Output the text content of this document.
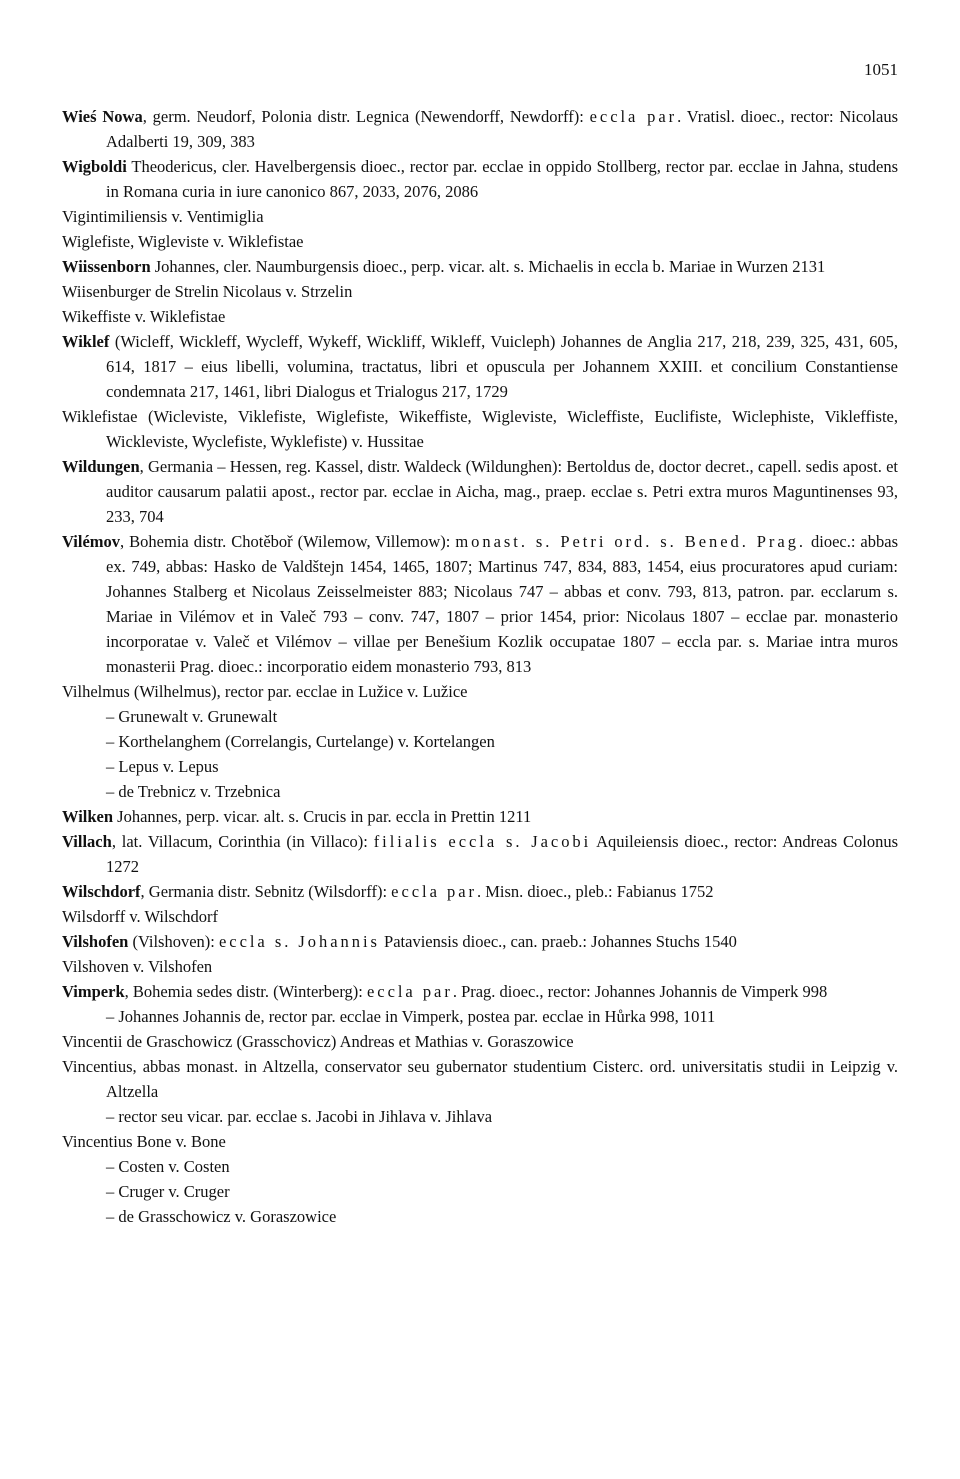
1051
Wieś Nowa, germ. Neudorf, Polonia distr. Legnica (Newendorff, Newdorff): eccla par. Vratisl. dioec., rector: Nicolaus Adalberti 19, 309, 383
Wigboldi Theodericus, cler. Havelbergensis dioec., rector par. ecclae in oppido Stollberg, rector par. ecclae in Jahna, studens in Romana curia in iure canonico 867, 2033, 2076, 2086
Vigintimiliensis v. Ventimiglia
Wiglefiste, Wigleviste v. Wiklefistae
Wiissenborn Johannes, cler. Naumburgensis dioec., perp. vicar. alt. s. Michaelis in eccla b. Mariae in Wurzen 2131
Wiisenburger de Strelin Nicolaus v. Strzelin
Wikeffiste v. Wiklefistae
Wiklef (Wicleff, Wickleff, Wycleff, Wykeff, Wickliff, Wikleff, Vuicleph) Johannes de Anglia 217, 218, 239, 325, 431, 605, 614, 1817 – eius libelli, volumina, tractatus, libri et opuscula per Johannem XXIII. et concilium Constantiense condemnata 217, 1461, libri Dialogus et Trialogus 217, 1729
Wiklefistae (Wicleviste, Viklefiste, Wiglefiste, Wikeffiste, Wigleviste, Wicleffiste, Euclifiste, Wiclephiste, Vikleffiste, Wickleviste, Wyclefiste, Wyklefiste) v. Hussitae
Wildungen, Germania – Hessen, reg. Kassel, distr. Waldeck (Wildunghen): Bertoldus de, doctor decret., capell. sedis apost. et auditor causarum palatii apost., rector par. ecclae in Aicha, mag., praep. ecclae s. Petri extra muros Maguntinenses 93, 233, 704
Vilémov, Bohemia distr. Chotěboř (Wilemow, Villemow): monast. s. Petri ord. s. Bened. Prag. dioec.: abbas ex. 749, abbas: Hasko de Valdštejn 1454, 1465, 1807; Martinus 747, 834, 883, 1454, eius procuratores apud curiam: Johannes Stalberg et Nicolaus Zeisselmeister 883; Nicolaus 747 – abbas et conv. 793, 813, patron. par. ecclarum s. Mariae in Vilémov et in Valeč 793 – conv. 747, 1807 – prior 1454, prior: Nicolaus 1807 – ecclae par. monasterio incorporatae v. Valeč et Vilémov – villae per Benešium Kozlik occupatae 1807 – eccla par. s. Mariae intra muros monasterii Prag. dioec.: incorporatio eidem monasterio 793, 813
Vilhelmus (Wilhelmus), rector par. ecclae in Lužice v. Lužice
– Grunewalt v. Grunewalt
– Korthelanghem (Correlangis, Curtelange) v. Kortelangen
– Lepus v. Lepus
– de Trebnicz v. Trzebnica
Wilken Johannes, perp. vicar. alt. s. Crucis in par. eccla in Prettin 1211
Villach, lat. Villacum, Corinthia (in Villaco): filialis eccla s. Jacobi Aquileiensis dioec., rector: Andreas Colonus 1272
Wilschdorf, Germania distr. Sebnitz (Wilsdorff): eccla par. Misn. dioec., pleb.: Fabianus 1752
Wilsdorff v. Wilschdorf
Vilshofen (Vilshoven): eccla s. Johannis Pataviensis dioec., can. praeb.: Johannes Stuchs 1540
Vilshoven v. Vilshofen
Vimperk, Bohemia sedes distr. (Winterberg): eccla par. Prag. dioec., rector: Johannes Johannis de Vimperk 998
– Johannes Johannis de, rector par. ecclae in Vimperk, postea par. ecclae in Hůrka 998, 1011
Vincentii de Graschowicz (Grasschovicz) Andreas et Mathias v. Goraszowice
Vincentius, abbas monast. in Altzella, conservator seu gubernator studentium Cisterc. ord. universitatis studii in Leipzig v. Altzella
– rector seu vicar. par. ecclae s. Jacobi in Jihlava v. Jihlava
Vincentius Bone v. Bone
– Costen v. Costen
– Cruger v. Cruger
– de Grasschowicz v. Goraszowice
